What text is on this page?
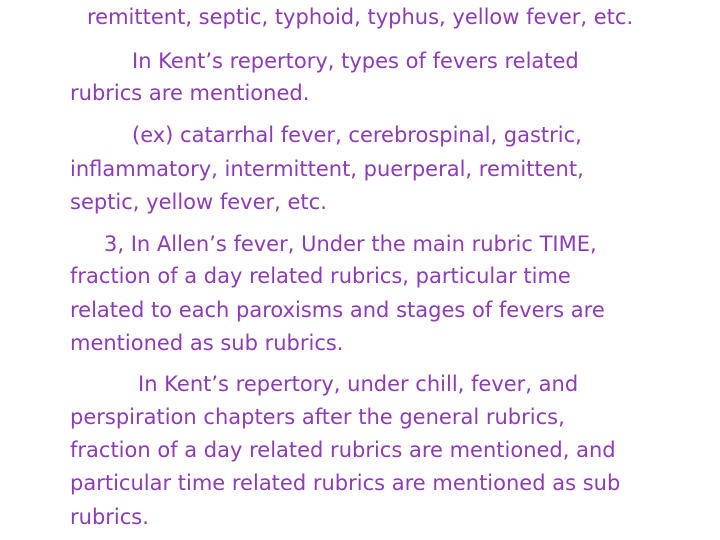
remittent, septic, typhoid, typhus, yellow fever, etc.

In Kent’s repertory, types of fevers related

rubrics are mentioned.

(ex) catarrhal fever, cerebrospinal, gastric,

inflammatory, intermittent, puerperal, remittent,

septic, yellow fever, etc.

3, In Allen’s fever, Under the main rubric TIME,

fraction of a day related rubrics, particular time

related to each paroxisms and stages of fevers are

mentioned as sub rubrics.

In Kent’s repertory, under chill, fever, and

perspiration chapters after the general rubrics,

fraction of a day related rubrics are mentioned, and

particular time related rubrics are mentioned as sub

rubrics.
